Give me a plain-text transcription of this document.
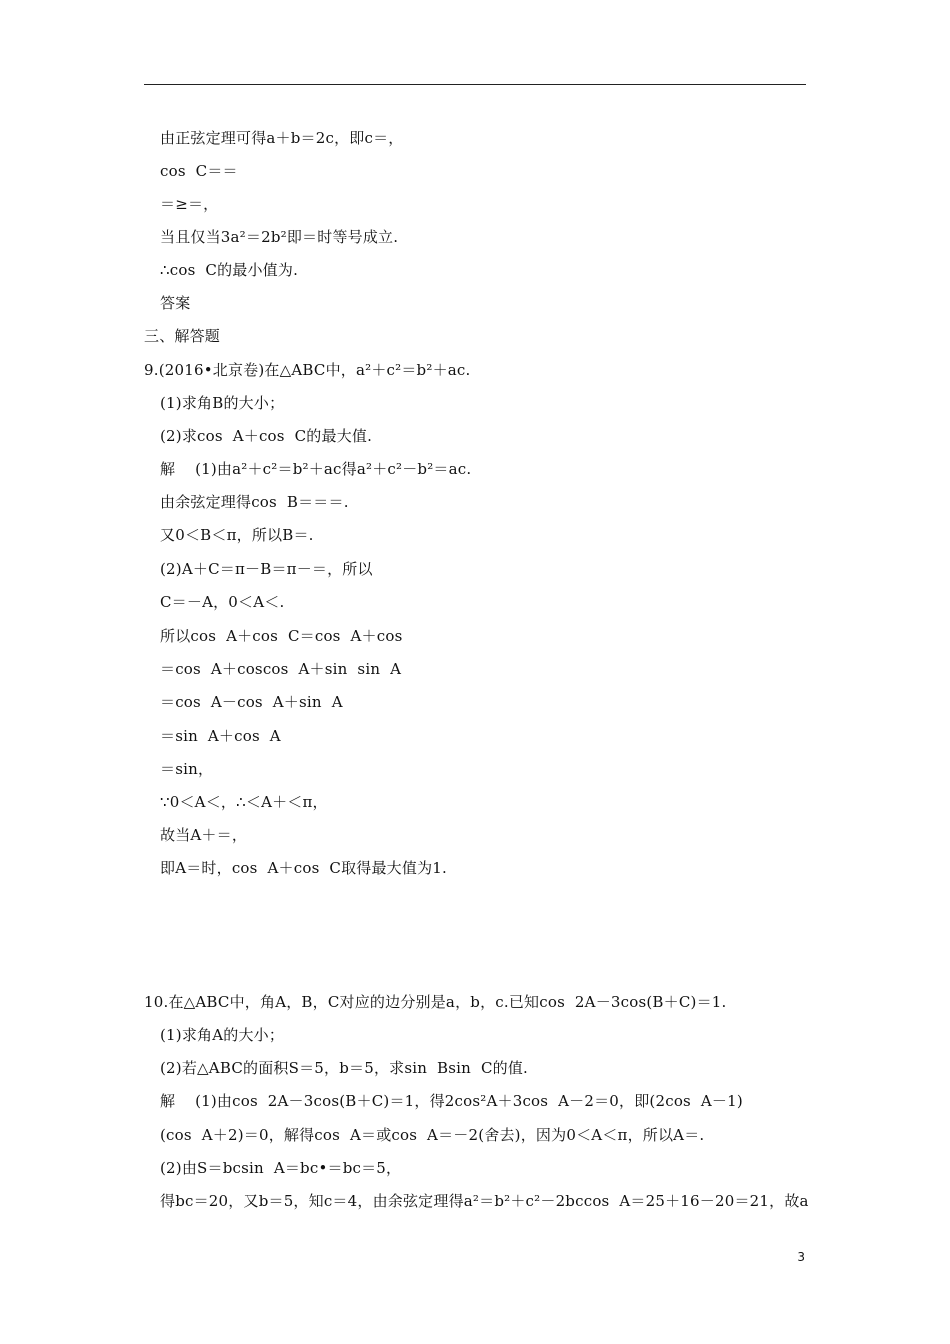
由正弦定理可得a＋b＝2c，即c＝，
cos  C＝＝
＝≥＝，
当且仅当3a²＝2b²即＝时等号成立.
∴cos  C的最小值为.
答案
三、解答题
9.(2016•北京卷)在△ABC中，a²＋c²＝b²＋ac.
(1)求角B的大小；
(2)求cos  A＋cos  C的最大值.
解    (1)由a²＋c²＝b²＋ac得a²＋c²－b²＝ac.
由余弦定理得cos  B＝＝＝.
又0＜B＜π，所以B＝.
(2)A＋C＝π－B＝π－＝，所以
C＝－A，0＜A＜.
所以cos  A＋cos  C＝cos  A＋cos
＝cos  A＋coscos  A＋sin  sin  A
＝cos  A－cos  A＋sin  A
＝sin  A＋cos  A
＝sin，
∵0＜A＜，∴＜A＋＜π，
故当A＋＝，
即A＝时，cos  A＋cos  C取得最大值为1.
10.在△ABC中，角A，B，C对应的边分别是a，b，c.已知cos  2A－3cos(B＋C)＝1.
(1)求角A的大小；
(2)若△ABC的面积S＝5，b＝5，求sin  Bsin  C的值.
解    (1)由cos  2A－3cos(B＋C)＝1，得2cos²A＋3cos  A－2＝0，即(2cos  A－1)
(cos  A＋2)＝0，解得cos  A＝或cos  A＝－2(舍去)，因为0＜A＜π，所以A＝.
(2)由S＝bcsin  A＝bc•＝bc＝5，
得bc＝20，又b＝5，知c＝4，由余弦定理得a²＝b²＋c²－2bccos  A＝25＋16－20＝21，故a
3
